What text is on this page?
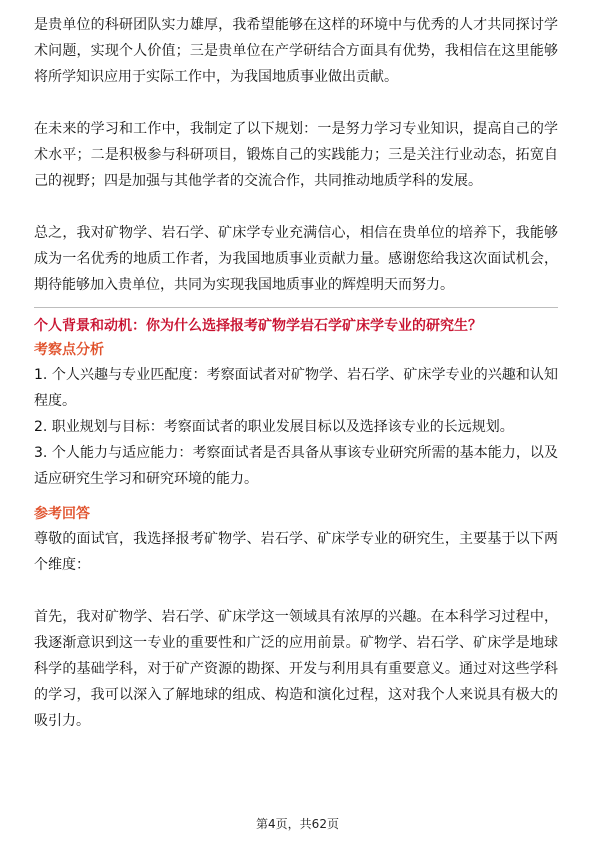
是贵单位的科研团队实力雄厚，我希望能够在这样的环境中与优秀的人才共同探讨学术问题，实现个人价值；三是贵单位在产学研结合方面具有优势，我相信在这里能够将所学知识应用于实际工作中，为我国地质事业做出贡献。

在未来的学习和工作中，我制定了以下规划：一是努力学习专业知识，提高自己的学术水平；二是积极参与科研项目，锻炼自己的实践能力；三是关注行业动态，拓宽自己的视野；四是加强与其他学者的交流合作，共同推动地质学科的发展。

总之，我对矿物学、岩石学、矿床学专业充满信心，相信在贵单位的培养下，我能够成为一名优秀的地质工作者，为我国地质事业贡献力量。感谢您给我这次面试机会，期待能够加入贵单位，共同为实现我国地质事业的辉煌明天而努力。

个人背景和动机：你为什么选择报考矿物学岩石学矿床学专业的研究生？
考察点分析

1. 个人兴趣与专业匹配度：考察面试者对矿物学、岩石学、矿床学专业的兴趣和认知程度。

2. 职业规划与目标：考察面试者的职业发展目标以及选择该专业的长远规划。

3. 个人能力与适应能力：考察面试者是否具备从事该专业研究所需的基本能力，以及适应研究生学习和研究环境的能力。

参考回答

尊敬的面试官，我选择报考矿物学、岩石学、矿床学专业的研究生，主要基于以下两个维度：

首先，我对矿物学、岩石学、矿床学这一领域具有浓厚的兴趣。在本科学习过程中，我逐渐意识到这一专业的重要性和广泛的应用前景。矿物学、岩石学、矿床学是地球科学的基础学科，对于矿产资源的勘探、开发与利用具有重要意义。通过对这些学科的学习，我可以深入了解地球的组成、构造和演化过程，这对我个人来说具有极大的吸引力。

第4页，共62页
